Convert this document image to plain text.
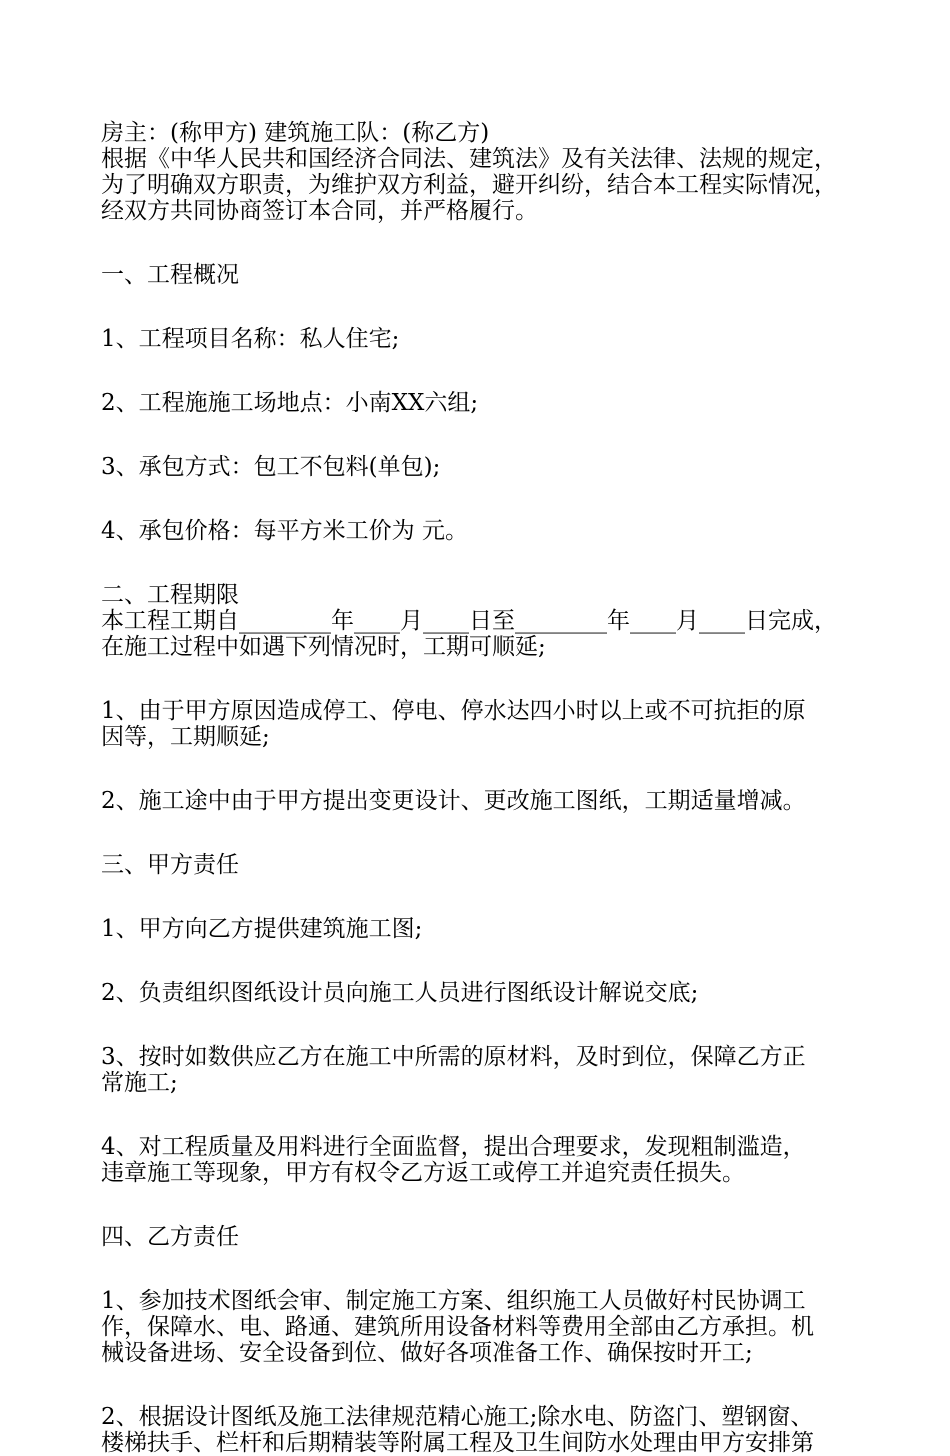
房主：(称甲方) 建筑施工队：(称乙方)

根据《中华人民共和国经济合同法、建筑法》及有关法律、法规的规定，

为了明确双方职责，为维护双方利益，避开纠纷，结合本工程实际情况，

经双方共同协商签订本合同，并严格履行。

一、工程概况

1、工程项目名称：私人住宅;

2、工程施施工场地点：小南XX六组;

3、承包方式：包工不包料(单包);

4、承包价格：每平方米工价为 元。

二、工程期限

本工程工期自________年____月____日至________年____月____日完成，

在施工过程中如遇下列情况时，工期可顺延;

1、由于甲方原因造成停工、停电、停水达四小时以上或不可抗拒的原

因等，工期顺延;

2、施工途中由于甲方提出变更设计、更改施工图纸，工期适量增减。

三、甲方责任

1、甲方向乙方提供建筑施工图;

2、负责组织图纸设计员向施工人员进行图纸设计解说交底;

3、按时如数供应乙方在施工中所需的原材料，及时到位，保障乙方正

常施工;

4、对工程质量及用料进行全面监督，提出合理要求，发现粗制滥造，

违章施工等现象，甲方有权令乙方返工或停工并追究责任损失。

四、乙方责任

1、参加技术图纸会审、制定施工方案、组织施工人员做好村民协调工

作，保障水、电、路通、建筑所用设备材料等费用全部由乙方承担。机

械设备进场、安全设备到位、做好各项准备工作、确保按时开工;

2、根据设计图纸及施工法律规范精心施工;除水电、防盗门、塑钢窗、

楼梯扶手、栏杆和后期精装等附属工程及卫生间防水处理由甲方安排第
